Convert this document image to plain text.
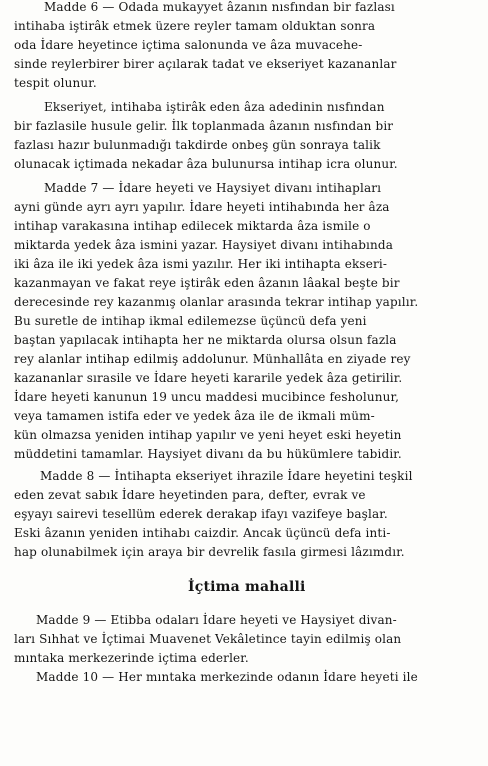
Madde 6 — Odada mukayyet âzanın nısfından bir fazlası
intihaba iştirâk etmek üzere reyler tamam olduktan sonra
oda İdare heyetince içtima salonunda ve âza muvacehe-
sinde reylerbirer birer açılarak tadat ve ekseriyet kazananlar
tespit olunur.
Ekseriyet, intihaba iştirâk eden âza adedinin nısfından
bir fazlasile husule gelir. İlk toplanmada âzanın nısfından bir
fazlası hazır bulunmadığı takdirde onbeş gün sonraya talik
olunacak içtimada nekadar âza bulunursa intihap icra olunur.
Madde 7 — İdare heyeti ve Haysiyet divanı intihapları
ayni günde ayrı ayrı yapılır. İdare heyeti intihabında her âza
intihap varakasına intihap edilecek miktarda âza ismile o
miktarda yedek âza ismini yazar. Haysiyet divanı intihabında
iki âza ile iki yedek âza ismi yazılır. Her iki intihapta ekseri-
kazanmayan ve fakat reye iştirâk eden âzanın lâakal beşte bir
derecesinde rey kazanmış olanlar arasında tekrar intihap yapılır.
Bu suretle de intihap ikmal edilemezse üçüncü defa yeni
baştan yapılacak intihapta her ne miktarda olursa olsun fazla
rey alanlar intihap edilmiş addolunur. Münhallâta en ziyade rey
kazananlar sırasile ve İdare heyeti kararile yedek âza getirilir.
İdare heyeti kanunun 19 uncu maddesi mucibince fesholunur,
veya tamamen istifa eder ve yedek âza ile de ikmali müm-
kün olmazsa yeniden intihap yapılır ve yeni heyet eski heyetin
müddetini tamamlar. Haysiyet divanı da bu hükümlere tabidir.
Madde 8 — İntihapta ekseriyet ihrazile İdare heyetini teşkil
eden zevat sabık İdare heyetinden para, defter, evrak ve
eşyayı sairevi tesellüm ederek derakap ifayı vazifeye başlar.
Eski âzanın yeniden intihabı caizdir. Ancak üçüncü defa inti-
hap olunabilmek için araya bir devrelik fasıla girmesi lâzımdır.
İçtima mahalli
Madde 9 — Etibba odaları İdare heyeti ve Haysiyet divan-
ları Sıhhat ve İçtimai Muavenet Vekâletince tayin edilmiş olan
mıntaka merkezerinde içtima ederler.
Madde 10 — Her mıntaka merkezinde odanın İdare heyeti ile
